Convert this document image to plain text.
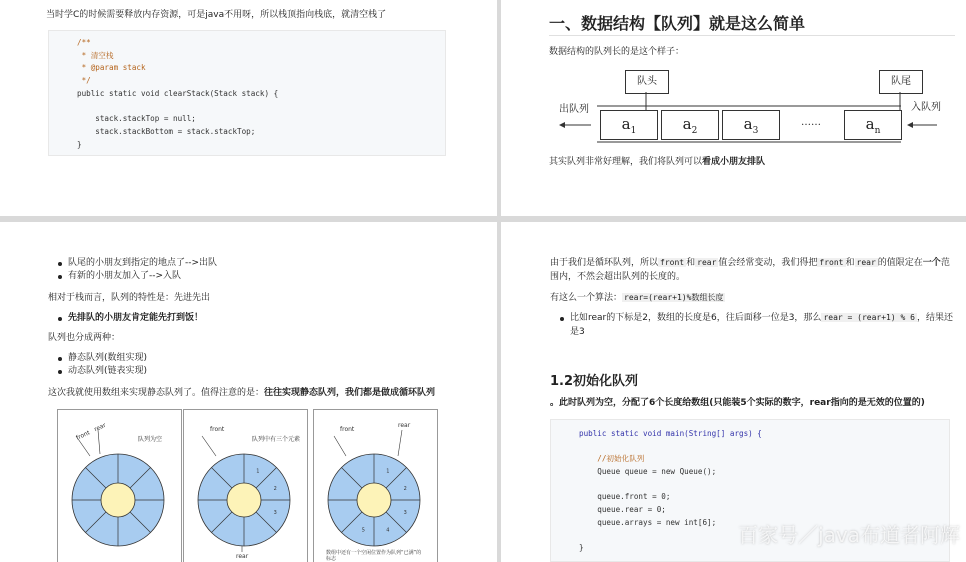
当时学C的时候需要释放内存资源，可是java不用呀，所以栈顶指向栈底，就清空栈了
/**
* 清空栈
* @param stack
*/
public static void clearStack(Stack stack) {
stack.stackTop = null;
stack.stackBottom = stack.stackTop;
}
一、数据结构【队列】就是这么简单
数据结构的队列长的是这个样子：
队头	队尾
出队列	入队列
$a_1$	$a_2$	$a_3$
……	$a_n$
其实队列非常好理解，我们将队列可以看成小朋友排队
队尾的小朋友到指定的地点了-->出队
有新的小朋友加入了-->入队
相对于栈而言，队列的特性是：先进先出
先排队的小朋友肯定能先打到饭！
队列也分成两种：
静态队列(数组实现)
动态队列(链表实现)
这次我就使用数组来实现静态队列了。值得注意的是：往往实现静态队列，我们都是做成循环队列
front
rear
队列为空
1
2
3
front
rear
队列中有三个元素
1
2
3
4
5
front
rear
数组中还有一个空闲位置作为队列“已满”的标志
由于我们是循环队列，所以 front 和 rear 值会经常变动，我们得把 front 和 rear 的值限定在一个范
围内，不然会超出队列的长度的。
有这么一个算法： rear=(rear+1)%数组长度
比如rear的下标是2，数组的长度是6，往后面移一位是3，那么 rear = (rear+1) % 6 ，结果还
是3
1.2初始化队列
。此时队列为空，分配了6个长度给数组(只能装5个实际的数字，rear指向的是无效的位置的)
public static void main(String[] args) {
//初始化队列
Queue queue = new Queue();
queue.front = 0;
queue.rear = 0;
queue.arrays = new int[6];
}
百家号／java布道者阿辉
